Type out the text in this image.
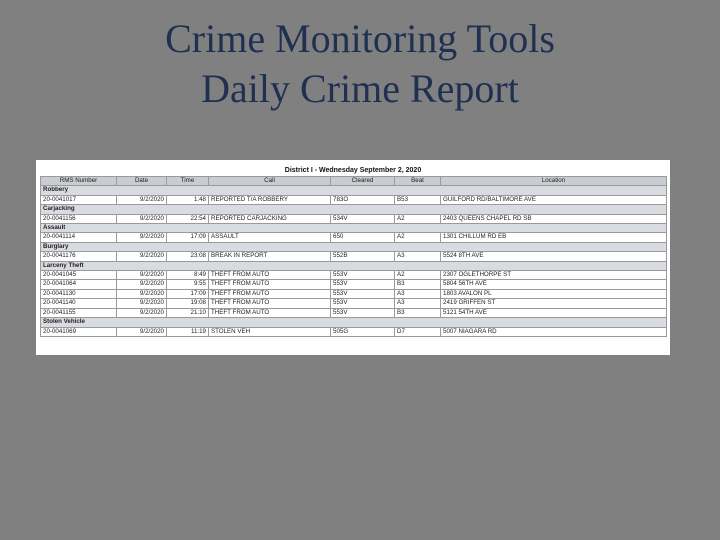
Crime Monitoring Tools
Daily Crime Report
District I - Wednesday September 2, 2020
RMS Number	Date	Time	Call	Cleared	Beat	Location
Robbery						
20-0041017	9/2/2020	1:48	REPORTED T/A ROBBERY	783O	B53	GUILFORD RD/BALTIMORE AVE
Carjacking						
20-0041156	9/2/2020	22:54	REPORTED CARJACKING	534V	A2	2403 QUEENS CHAPEL RD SB
Assault						
20-0041114	9/2/2020	17:09	ASSAULT	650	A2	1301 CHILLUM RD EB
Burglary						
20-0041176	9/2/2020	23:08	BREAK IN REPORT	552B	A3	5524 8TH AVE
Larceny Theft						
20-0041045	9/2/2020	8:49	THEFT FROM AUTO	553V	A2	2307 OGLETHORPE ST
20-0041064	9/2/2020	9:55	THEFT FROM AUTO	553V	B3	5804 56TH AVE
20-0041130	9/2/2020	17:09	THEFT FROM AUTO	553V	A3	1803 AVALON PL
20-0041140	9/2/2020	19:08	THEFT FROM AUTO	553V	A3	2419 GRIFFEN ST
20-0041155	9/2/2020	21:10	THEFT FROM AUTO	553V	B3	5121 54TH AVE
Stolen Vehicle						
20-0041069	9/2/2020	11:19	STOLEN VEH	505G	D7	5007 NIAGARA RD
